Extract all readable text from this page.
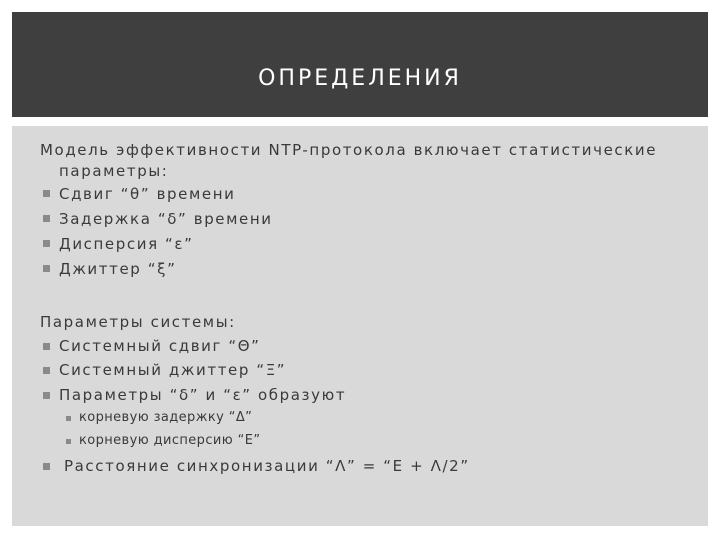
ОПРЕДЕЛЕНИЯ
Модель эффективности NTP-протокола включает статистические
параметры:
Сдвиг “θ” времени
Задержка “δ” времени
Дисперсия “ε”
Джиттер “ξ”
Параметры системы:
Системный сдвиг “Θ”
Системный джиттер “Ξ”
Параметры “δ” и “ε” образуют
корневую задержку “Δ”
корневую дисперсию “Е”
Расстояние синхронизации “Λ” = “Е + Λ/2”
